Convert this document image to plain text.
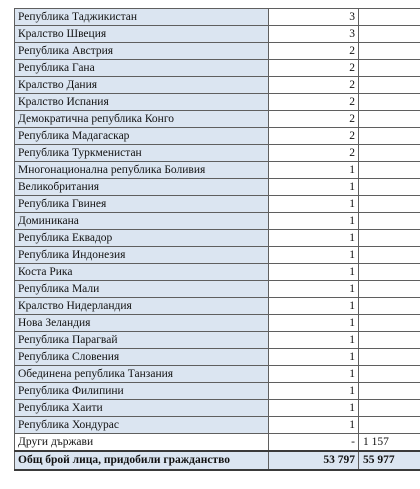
Република Таджикистан	3	
Кралство Швеция	3	
Република Австрия	2	
Република Гана	2	
Кралство Дания	2	
Кралство Испания	2	
Демократична република Конго	2	
Република Мадагаскар	2	
Република Туркменистан	2	
Многонационална република Боливия	1	
Великобритания	1	
Република Гвинея	1	
Доминикана	1	
Република Еквадор	1	
Република Индонезия	1	
Коста Рика	1	
Република Мали	1	
Кралство Нидерландия	1	
Нова Зеландия	1	
Република Парагвай	1	
Република Словения	1	
Обединена република Танзания	1	
Република Филипини	1	
Република Хаити	1	
Република Хондурас	1	
Други държави	-	1 157
Общ брой лица, придобили гражданство	53 797	55 977
